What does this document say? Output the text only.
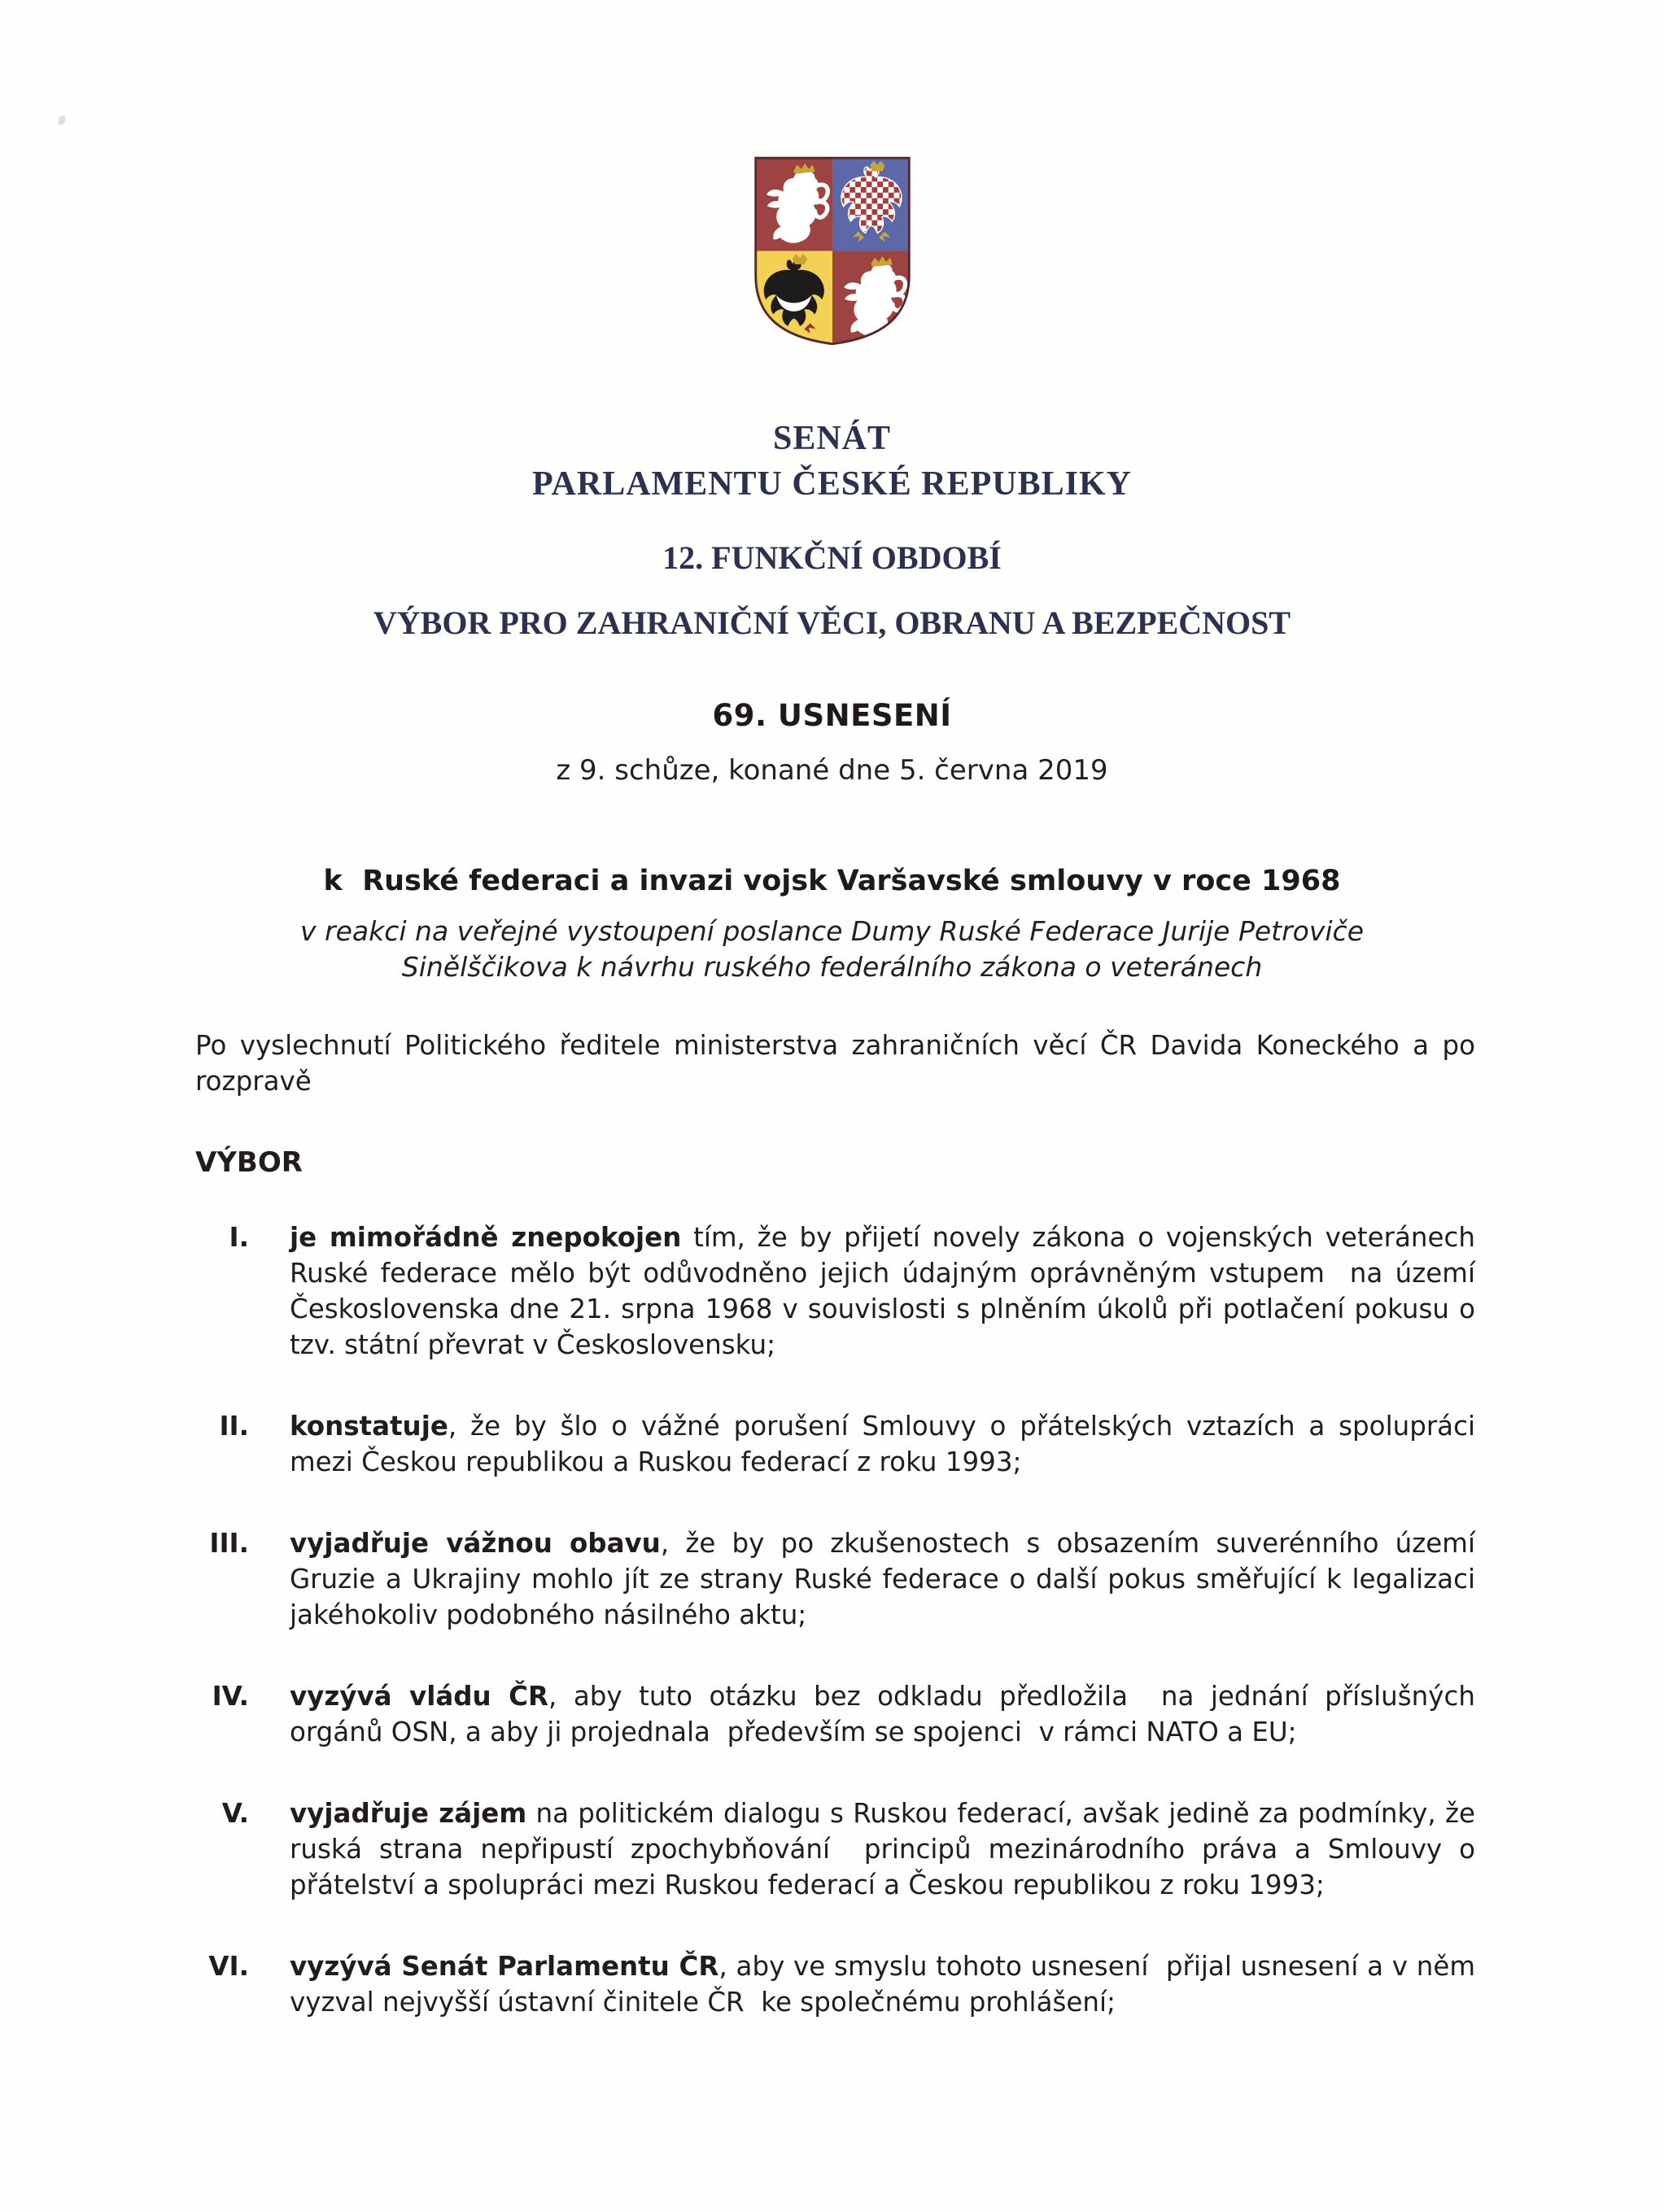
SENÁT
PARLAMENTU ČESKÉ REPUBLIKY
12. FUNKČNÍ OBDOBÍ
VÝBOR PRO ZAHRANIČNÍ VĚCI, OBRANU A BEZPEČNOST
69. USNESENÍ
z 9. schůze, konané dne 5. června 2019
k  Ruské federaci a invazi vojsk Varšavské smlouvy v roce 1968
v reakci na veřejné vystoupení poslance Dumy Ruské Federace Jurije Petroviče
Sinělščikova k návrhu ruského federálního zákona o veteránech
Po vyslechnutí Politického ředitele ministerstva zahraničních věcí ČR Davida Koneckého a po rozpravě
VÝBOR
I.	je mimořádně znepokojen tím, že by přijetí novely zákona o vojenských veteránech Ruské federace mělo být odůvodněno jejich údajným oprávněným vstupem  na území Československa dne 21. srpna 1968 v souvislosti s plněním úkolů při potlačení pokusu o tzv. státní převrat v Československu;
II.	konstatuje, že by šlo o vážné porušení Smlouvy o přátelských vztazích a spolupráci mezi Českou republikou a Ruskou federací z roku 1993;
III.	vyjadřuje vážnou obavu, že by po zkušenostech s obsazením suverénního území Gruzie a Ukrajiny mohlo jít ze strany Ruské federace o další pokus směřující k legalizaci jakéhokoliv podobného násilného aktu;
IV.	vyzývá vládu ČR, aby tuto otázku bez odkladu předložila  na jednání příslušných orgánů OSN, a aby ji projednala  především se spojenci  v rámci NATO a EU;
V.	vyjadřuje zájem na politickém dialogu s Ruskou federací, avšak jedině za podmínky, že ruská strana nepřipustí zpochybňování  principů mezinárodního práva a Smlouvy o přátelství a spolupráci mezi Ruskou federací a Českou republikou z roku 1993;
VI.	vyzývá Senát Parlamentu ČR, aby ve smyslu tohoto usnesení  přijal usnesení a v něm vyzval nejvyšší ústavní činitele ČR  ke společnému prohlášení;
